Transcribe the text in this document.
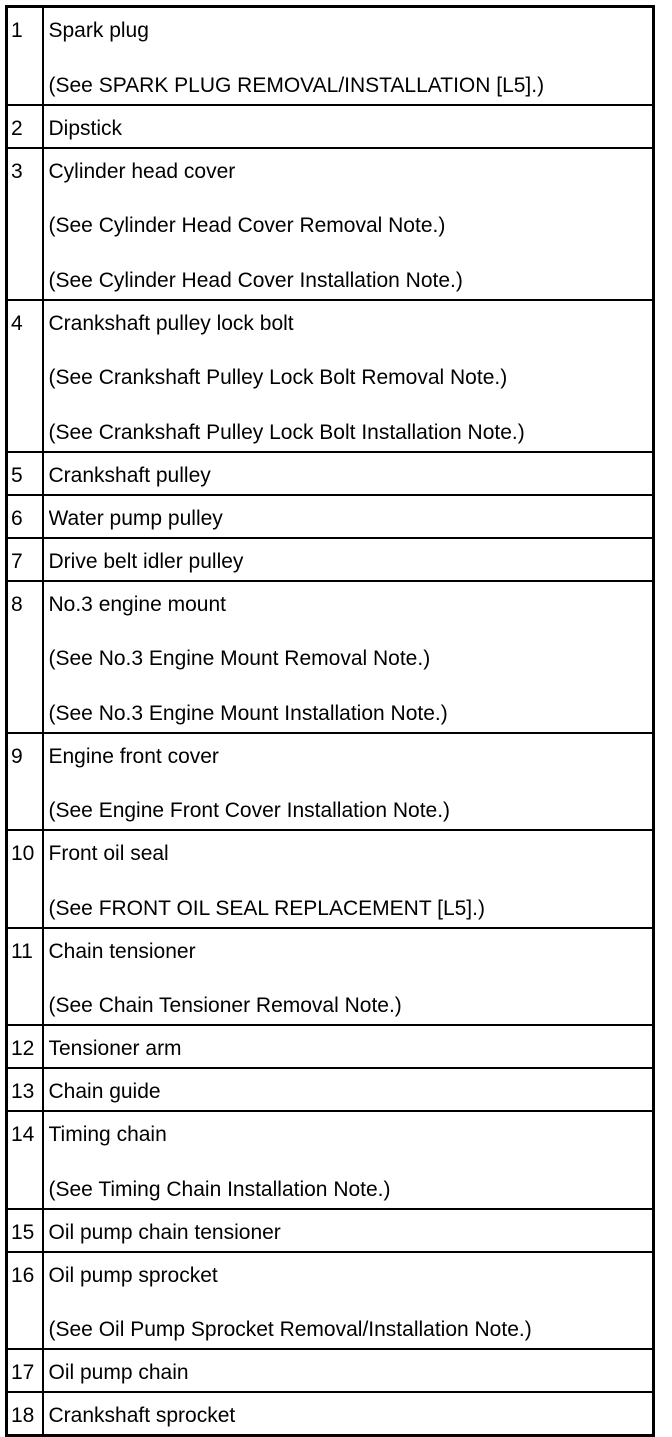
1	Spark plug
(See SPARK PLUG REMOVAL/INSTALLATION [L5].)

2	Dipstick

3	Cylinder head cover
(See Cylinder Head Cover Removal Note.)
(See Cylinder Head Cover Installation Note.)

4	Crankshaft pulley lock bolt
(See Crankshaft Pulley Lock Bolt Removal Note.)
(See Crankshaft Pulley Lock Bolt Installation Note.)

5	Crankshaft pulley

6	Water pump pulley

7	Drive belt idler pulley

8	No.3 engine mount
(See No.3 Engine Mount Removal Note.)
(See No.3 Engine Mount Installation Note.)

9	Engine front cover
(See Engine Front Cover Installation Note.)

10	Front oil seal
(See FRONT OIL SEAL REPLACEMENT [L5].)

11	Chain tensioner
(See Chain Tensioner Removal Note.)

12	Tensioner arm

13	Chain guide

14	Timing chain
(See Timing Chain Installation Note.)

15	Oil pump chain tensioner

16	Oil pump sprocket
(See Oil Pump Sprocket Removal/Installation Note.)

17	Oil pump chain

18	Crankshaft sprocket
